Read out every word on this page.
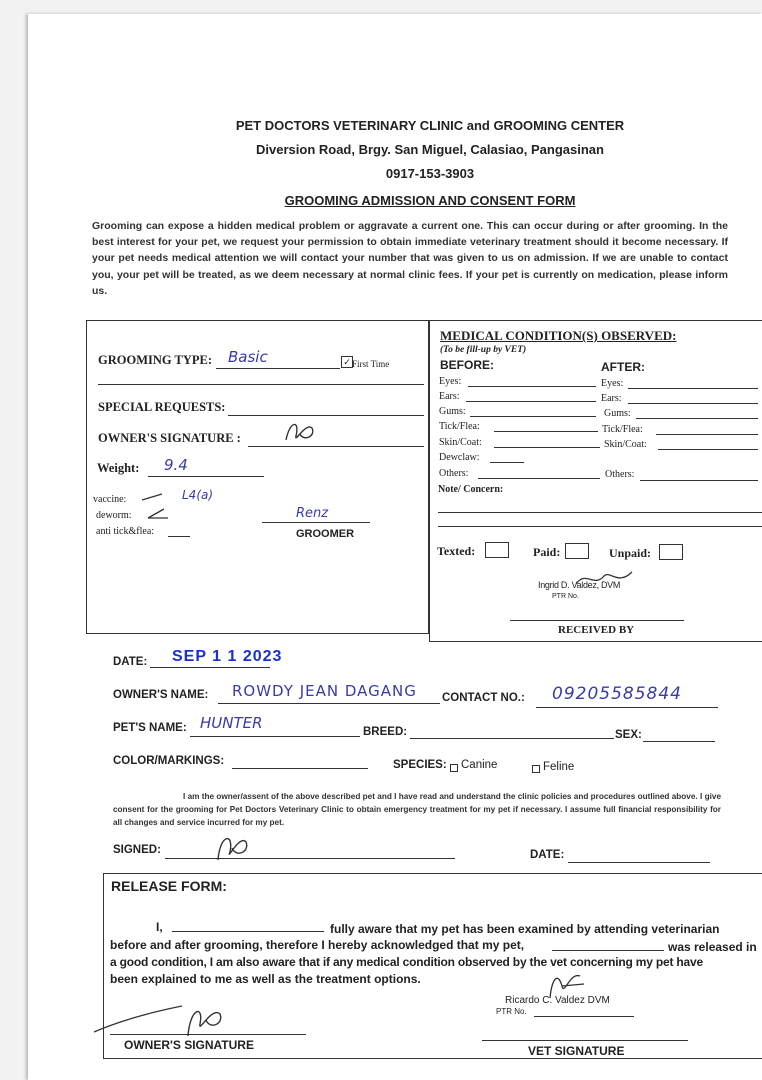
PET DOCTORS VETERINARY CLINIC and GROOMING CENTER
Diversion Road, Brgy. San Miguel, Calasiao, Pangasinan
0917-153-3903
GROOMING ADMISSION AND CONSENT FORM
Grooming can expose a hidden medical problem or aggravate a current one. This can occur during or after grooming. In the best interest for your pet, we request your permission to obtain immediate veterinary treatment should it become necessary. If your pet needs medical attention we will contact your number that was given to us on admission. If we are unable to contact you, your pet will be treated, as we deem necessary at normal clinic fees. If your pet is currently on medication, please inform us.
GROOMING TYPE: Basic	✓ First Time
SPECIAL REQUESTS:
OWNER'S SIGNATURE :
Weight: 9.4
vaccine:	L4(a)
deworm:
anti tick&flea:
Renz
GROOMER
MEDICAL CONDITION(S) OBSERVED:
(To be fill-up by VET)
BEFORE:	AFTER:
Eyes:
Ears:
Gums:
Tick/Flea:
Skin/Coat:
Dewclaw:
Others:
Eyes:
Ears:
Gums:
Tick/Flea:
Skin/Coat:
Others:
Note/ Concern:
Texted:	Paid:	Unpaid:
Ingrid D. Valdez, DVM
PTR No.
RECEIVED BY
DATE: SEP 1 1 2023
OWNER'S NAME: ROWDY JEAN DAGANG CONTACT NO.: 09205585844
PET'S NAME: HUNTER	BREED:	SEX:
COLOR/MARKINGS:	SPECIES: Canine	Feline
I am the owner/assent of the above described pet and I have read and understand the clinic policies and procedures outlined above. I give consent for the grooming for Pet Doctors Veterinary Clinic to obtain emergency treatment for my pet if necessary. I assume full financial responsibility for all changes and service incurred for my pet.
SIGNED:	DATE:
RELEASE FORM:
I,	fully aware that my pet has been examined by attending veterinarian
before and after grooming, therefore I hereby acknowledged that my pet,	was released in
a good condition, I am also aware that if any medical condition observed by the vet concerning my pet have
been explained to me as well as the treatment options.
Ricardo C. Valdez DVM
PTR No.
OWNER'S SIGNATURE	VET SIGNATURE
